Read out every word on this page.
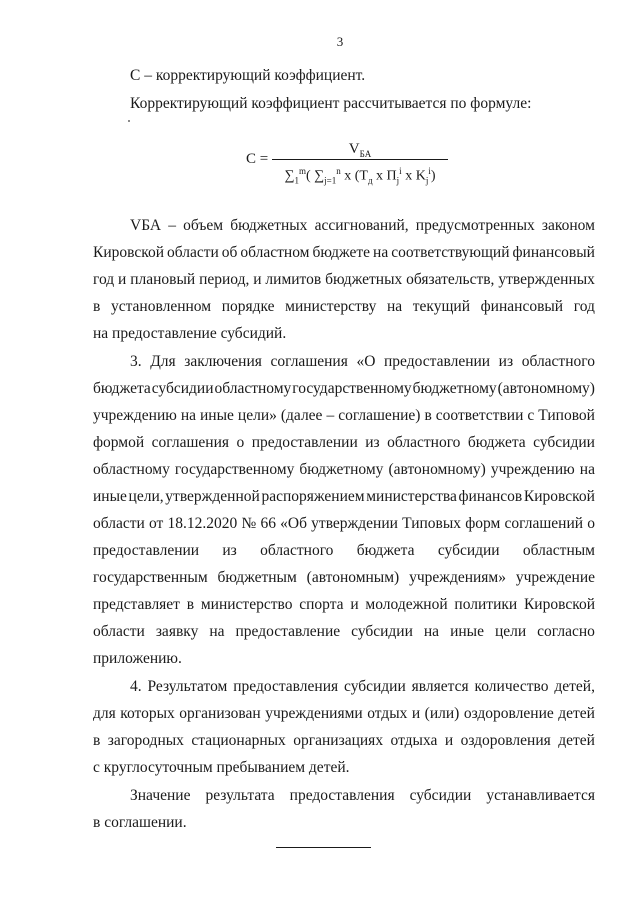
3
С – корректирующий коэффициент.
Корректирующий коэффициент рассчитывается по формуле:
С =
$V_{БА}$
$\sum_1^m$( $\sum_{j=1}^n$ x ($T_д$ x $П_j^i$ x $K_j^i$)
VБА – объем бюджетных ассигнований, предусмотренных законом
Кировской области об областном бюджете на соответствующий финансовый
год и плановый период, и лимитов бюджетных обязательств, утвержденных
в установленном порядке министерству на текущий финансовый год
на предоставление субсидий.
3. Для заключения соглашения «О предоставлении из областного
бюджета субсидии областному государственному бюджетному (автономному)
учреждению на иные цели» (далее – соглашение) в соответствии с Типовой
формой соглашения о предоставлении из областного бюджета субсидии
областному государственному бюджетному (автономному) учреждению на
иные цели, утвержденной распоряжением министерства финансов Кировской
области от 18.12.2020 № 66 «Об утверждении Типовых форм соглашений о
предоставлении из областного бюджета субсидии областным
государственным бюджетным (автономным) учреждениям» учреждение
представляет в министерство спорта и молодежной политики Кировской
области заявку на предоставление субсидии на иные цели согласно
приложению.
4. Результатом предоставления субсидии является количество детей,
для которых организован учреждениями отдых и (или) оздоровление детей
в загородных стационарных организациях отдыха и оздоровления детей
с круглосуточным пребыванием детей.
Значение результата предоставления субсидии устанавливается
в соглашении.
